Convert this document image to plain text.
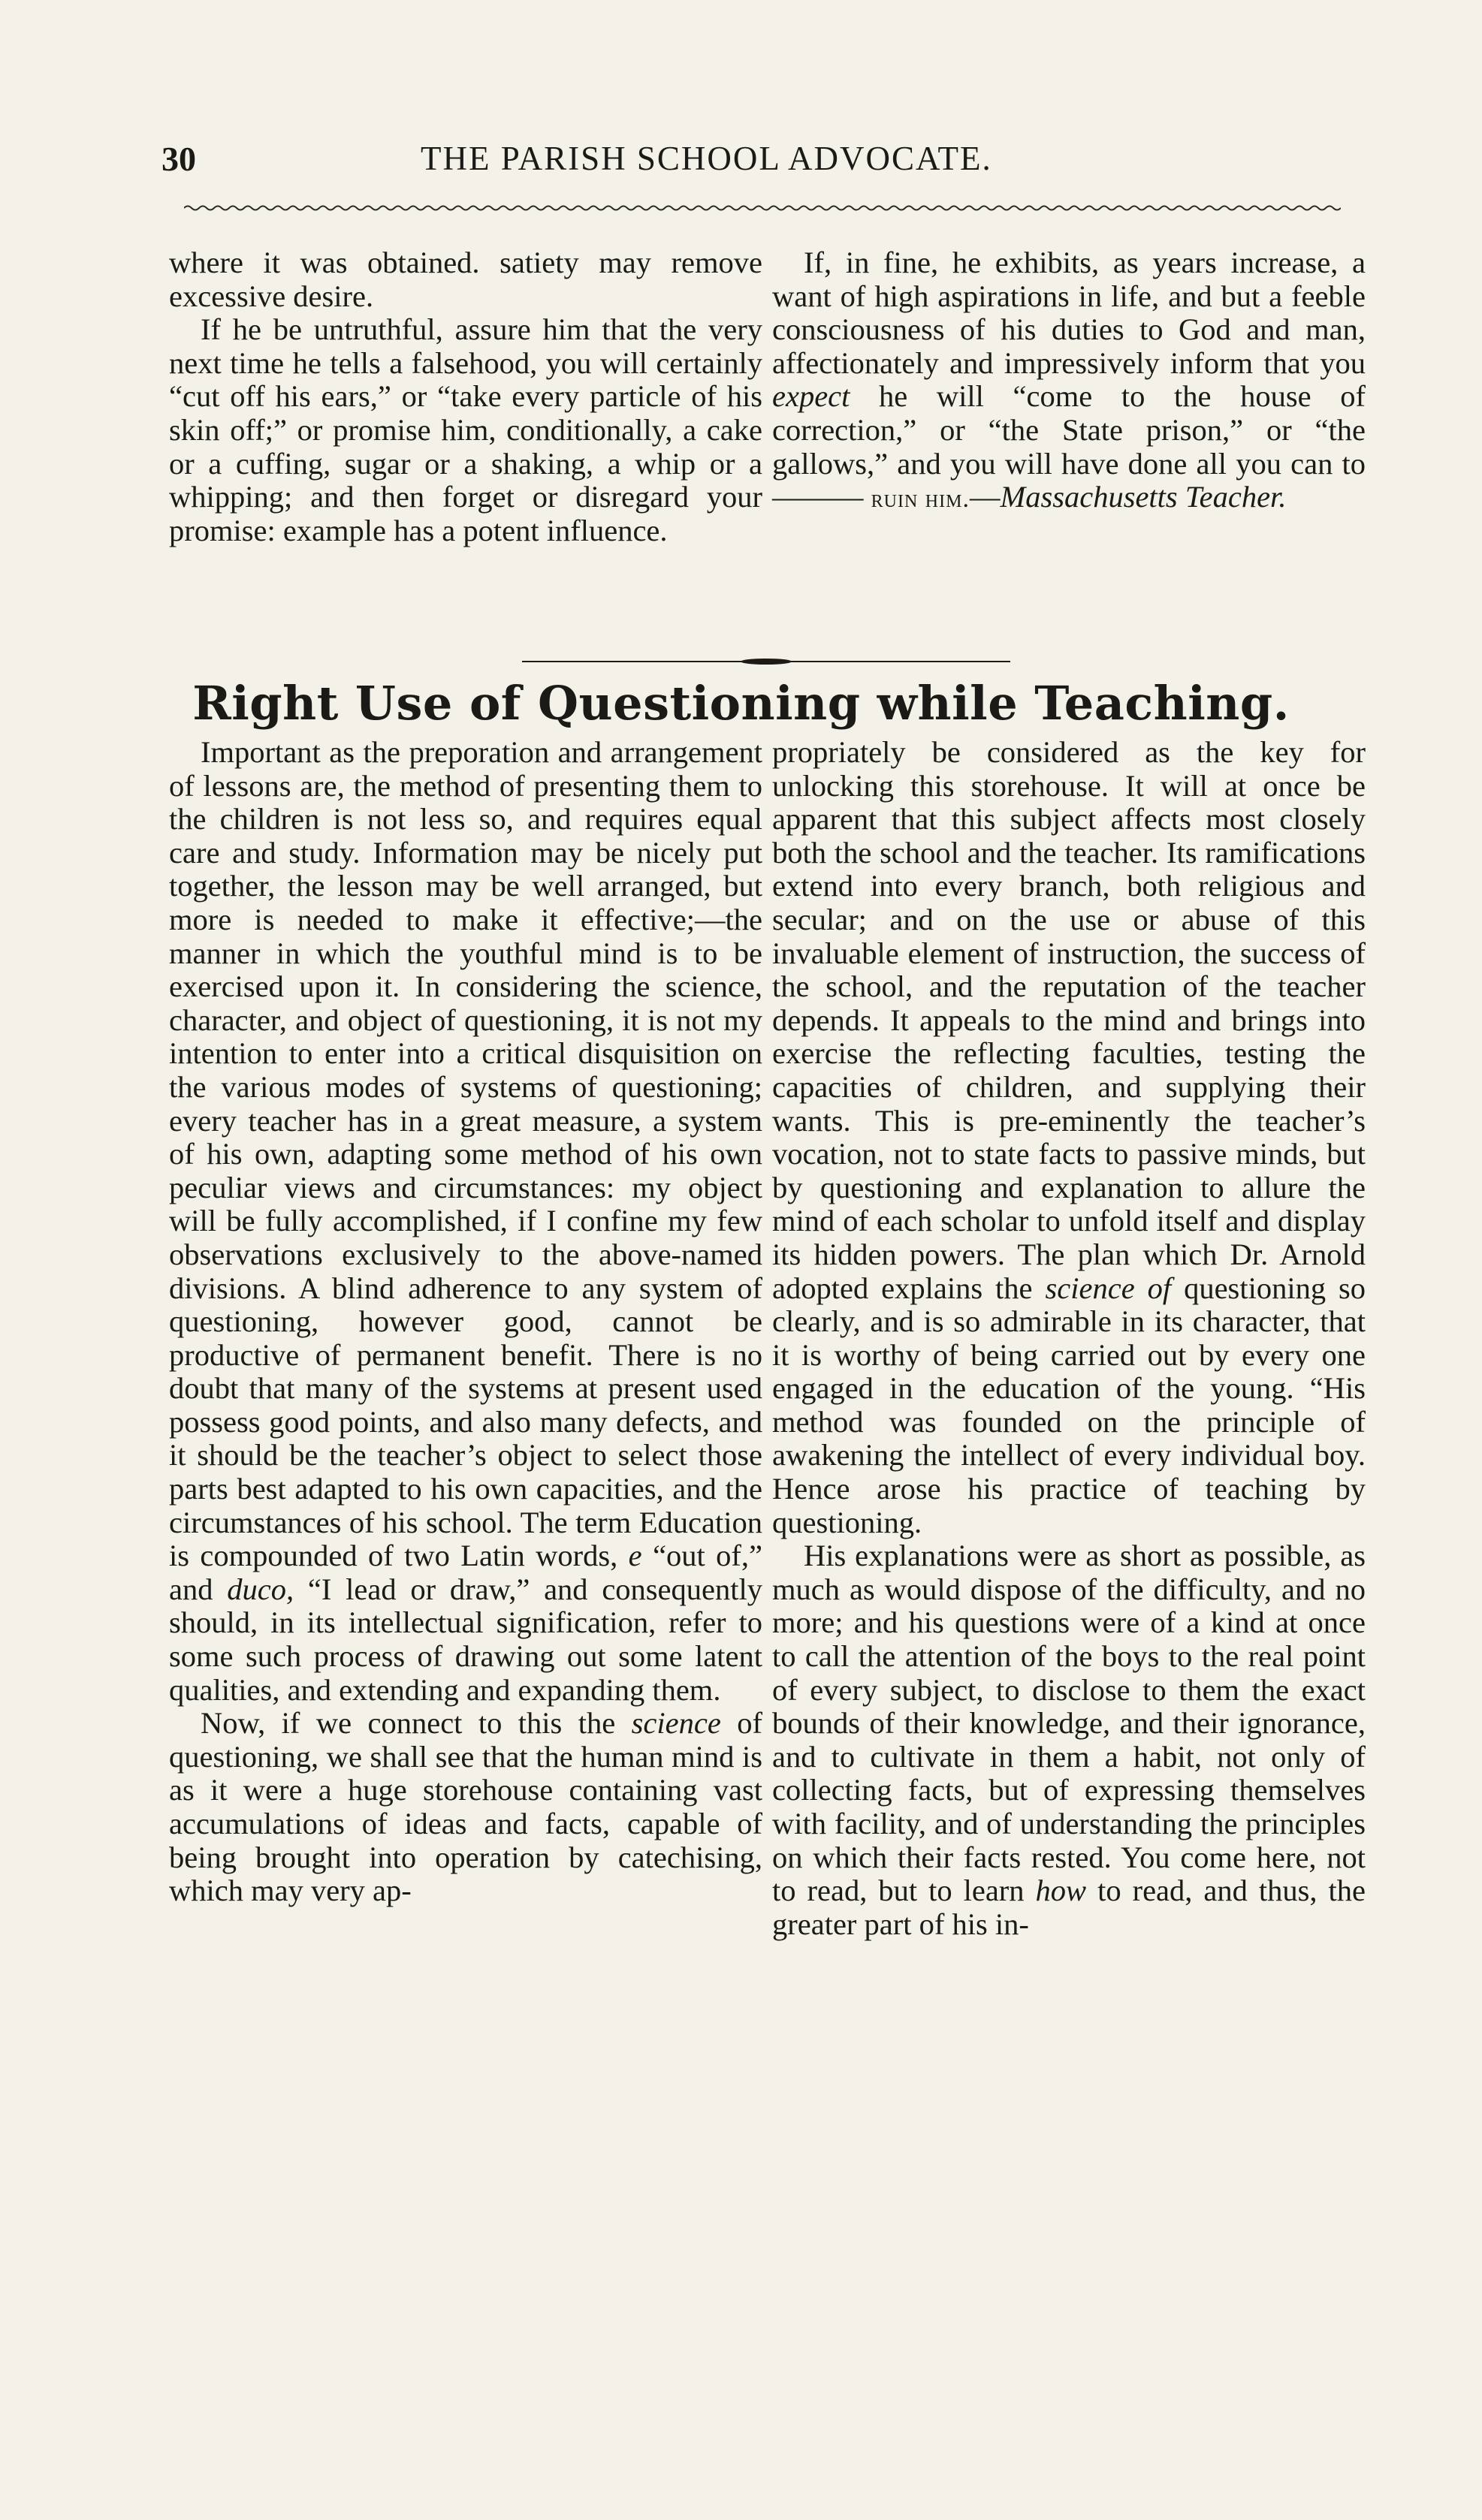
30	THE PARISH SCHOOL ADVOCATE.

where it was obtained. satiety may remove excessive desire.

If he be untruthful, assure him that the very next time he tells a falsehood, you will certainly “cut off his ears,” or “take every particle of his skin off;” or promise him, conditionally, a cake or a cuffing, sugar or a shaking, a whip or a whipping; and then forget or disregard your promise: example has a potent influence.

If, in fine, he exhibits, as years increase, a want of high aspirations in life, and but a feeble consciousness of his duties to God and man, affectionately and impressively inform that you expect he will “come to the house of correction,” or “the State prison,” or “the gallows,” and you will have done all you can to——— ruin him.—Massachusetts Teacher.

Right Use of Questioning while Teaching.

Important as the preporation and arrangement of lessons are, the method of presenting them to the children is not less so, and requires equal care and study. Information may be nicely put together, the lesson may be well arranged, but more is needed to make it effective;—the manner in which the youthful mind is to be exercised upon it. In considering the science, character, and object of questioning, it is not my intention to enter into a critical disquisition on the various modes of systems of questioning; every teacher has in a great measure, a system of his own, adapting some method of his own peculiar views and circumstances: my object will be fully accomplished, if I confine my few observations exclusively to the above-named divisions. A blind adherence to any system of questioning, however good, cannot be productive of permanent benefit. There is no doubt that many of the systems at present used possess good points, and also many defects, and it should be the teacher’s object to select those parts best adapted to his own capacities, and the circumstances of his school. The term Education is compounded of two Latin words, e “out of,” and duco, “I lead or draw,” and consequently should, in its intellectual signification, refer to some such process of drawing out some latent qualities, and extending and expanding them.

Now, if we connect to this the science of questioning, we shall see that the human mind is as it were a huge storehouse containing vast accumulations of ideas and facts, capable of being brought into operation by catechising, which may very ap-

propriately be considered as the key for unlocking this storehouse. It will at once be apparent that this subject affects most closely both the school and the teacher. Its ramifications extend into every branch, both religious and secular; and on the use or abuse of this invaluable element of instruction, the success of the school, and the reputation of the teacher depends. It appeals to the mind and brings into exercise the reflecting faculties, testing the capacities of children, and supplying their wants. This is pre-eminently the teacher’s vocation, not to state facts to passive minds, but by questioning and explanation to allure the mind of each scholar to unfold itself and display its hidden powers. The plan which Dr. Arnold adopted explains the science of questioning so clearly, and is so admirable in its character, that it is worthy of being carried out by every one engaged in the education of the young. “His method was founded on the principle of awakening the intellect of every individual boy. Hence arose his practice of teaching by questioning.

His explanations were as short as possible, as much as would dispose of the difficulty, and no more; and his questions were of a kind at once to call the attention of the boys to the real point of every subject, to disclose to them the exact bounds of their knowledge, and their ignorance, and to cultivate in them a habit, not only of collecting facts, but of expressing themselves with facility, and of understanding the principles on which their facts rested. You come here, not to read, but to learn how to read, and thus, the greater part of his in-
